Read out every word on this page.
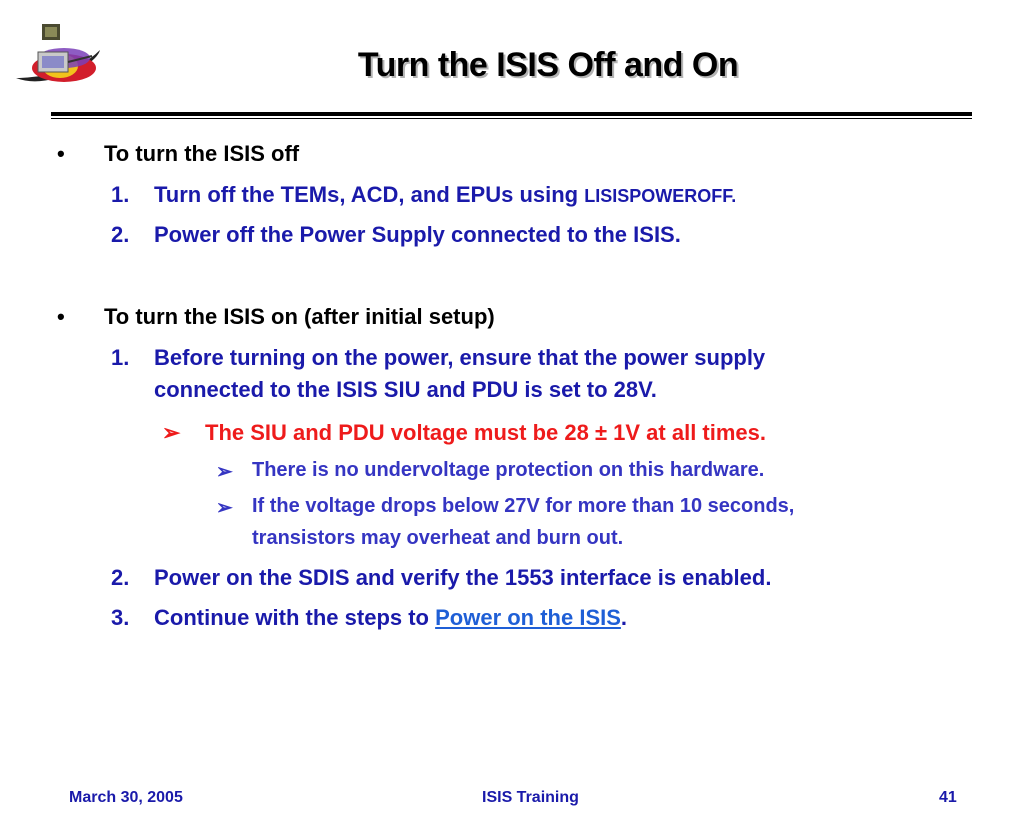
Turn the ISIS Off and On
• To turn the ISIS off
1. Turn off the TEMs, ACD, and EPUs using LISISPOWEROFF.
2. Power off the Power Supply connected to the ISIS.
• To turn the ISIS on (after initial setup)
1. Before turning on the power, ensure that the power supply
connected to the ISIS SIU and PDU is set to 28V.
➢ The SIU and PDU voltage must be 28 ± 1V at all times.
➢ There is no undervoltage protection on this hardware.
➢ If the voltage drops below 27V for more than 10 seconds,
transistors may overheat and burn out.
2. Power on the SDIS and verify the 1553 interface is enabled.
3. Continue with the steps to Power on the ISIS.
March 30, 2005	ISIS Training	41
